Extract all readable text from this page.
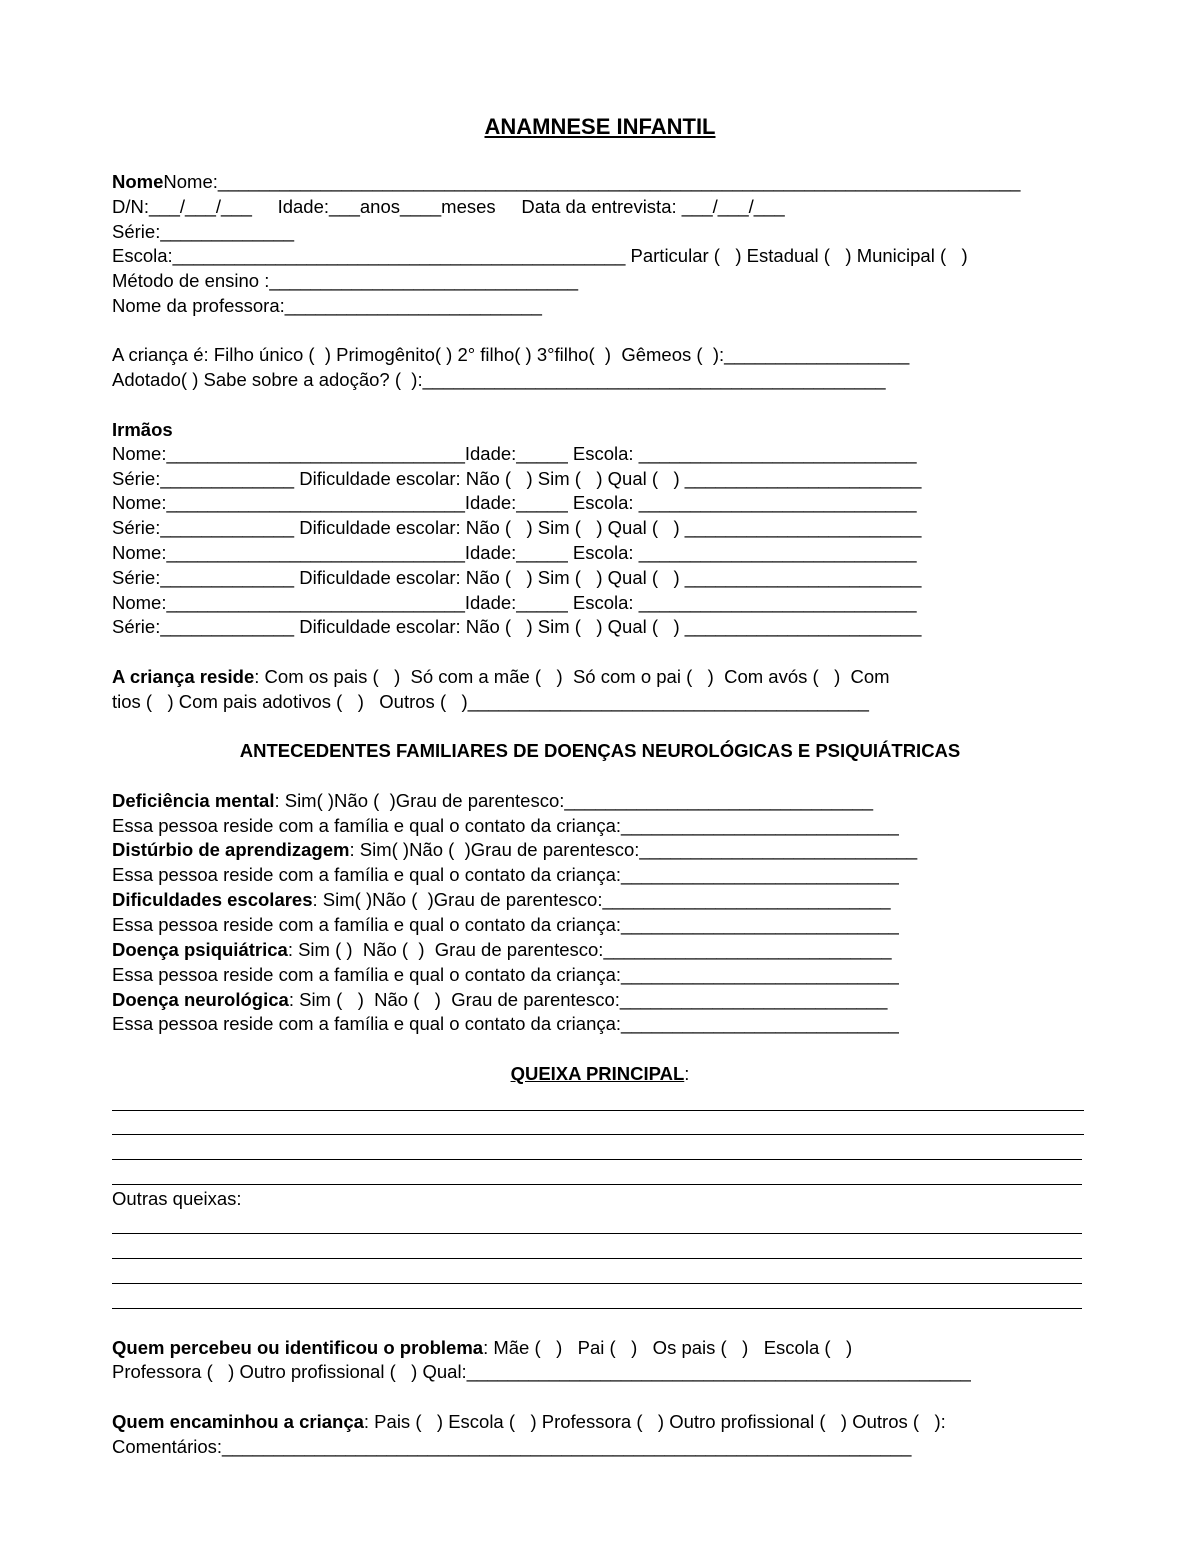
ANAMNESE INFANTIL
NomeNome:______________________________________________________________________________
D/N:___/___/___     Idade:___anos____meses     Data da entrevista: ___/___/___
Série:_____________
Escola:____________________________________________ Particular (   ) Estadual (   ) Municipal (   )
Método de ensino :______________________________
Nome da professora:_________________________
A criança é: Filho único (  ) Primogênito( ) 2° filho( ) 3°filho(  )  Gêmeos (  ):__________________
Adotado( ) Sabe sobre a adoção? (  ):_____________________________________________
Irmãos
Nome:_____________________________Idade:_____ Escola: ___________________________
Série:_____________ Dificuldade escolar: Não (   ) Sim (   ) Qual (   ) _______________________
Nome:_____________________________Idade:_____ Escola: ___________________________
Série:_____________ Dificuldade escolar: Não (   ) Sim (   ) Qual (   ) _______________________
Nome:_____________________________Idade:_____ Escola: ___________________________
Série:_____________ Dificuldade escolar: Não (   ) Sim (   ) Qual (   ) _______________________
Nome:_____________________________Idade:_____ Escola: ___________________________
Série:_____________ Dificuldade escolar: Não (   ) Sim (   ) Qual (   ) _______________________
A criança reside: Com os pais (   )  Só com a mãe (   )  Só com o pai (   )  Com avós (   )  Com
tios (   ) Com pais adotivos (   )   Outros (   )_______________________________________
ANTECEDENTES FAMILIARES DE DOENÇAS NEUROLÓGICAS E PSIQUIÁTRICAS
Deficiência mental: Sim( )Não (  )Grau de parentesco:______________________________
Essa pessoa reside com a família e qual o contato da criança:___________________________
Distúrbio de aprendizagem: Sim( )Não (  )Grau de parentesco:___________________________
Essa pessoa reside com a família e qual o contato da criança:___________________________
Dificuldades escolares: Sim( )Não (  )Grau de parentesco:____________________________
Essa pessoa reside com a família e qual o contato da criança:___________________________
Doença psiquiátrica: Sim ( )  Não (  )  Grau de parentesco:____________________________
Essa pessoa reside com a família e qual o contato da criança:___________________________
Doença neurológica: Sim (   )  Não (   )  Grau de parentesco:__________________________
Essa pessoa reside com a família e qual o contato da criança:___________________________
QUEIXA PRINCIPAL:
Outras queixas:
Quem percebeu ou identificou o problema: Mãe (   )   Pai (   )   Os pais (   )   Escola (   )
Professora (   ) Outro profissional (   ) Qual:_________________________________________________
Quem encaminhou a criança: Pais (   ) Escola (   ) Professora (   ) Outro profissional (   ) Outros (   ):
Comentários:___________________________________________________________________
